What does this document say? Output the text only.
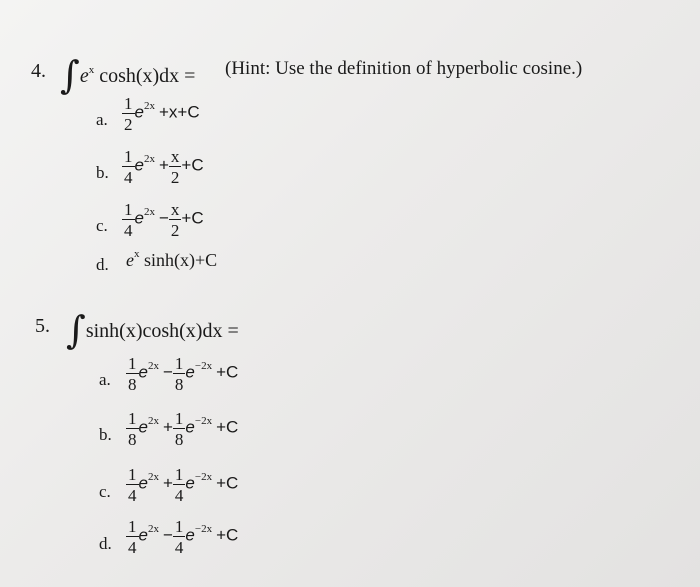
4. $\int e^x$ cosh(x)dx = (Hint: Use the definition of hyperbolic cosine.)
a. $\frac{1}{2} e^{2x} +x+C$
b. $\frac{1}{4} e^{2x} + \frac{x}{2} +C$
c. $\frac{1}{4} e^{2x} - \frac{x}{2} +C$
d. $e^x$ sinh(x)+C
5. ∫sinh(x)cosh(x)dx =
a. $\frac{1}{8} e^{2x} - \frac{1}{8} e^{-2x} +C$
b. $\frac{1}{8} e^{2x} + \frac{1}{8} e^{-2x} +C$
c. $\frac{1}{4} e^{2x} + \frac{1}{4} e^{-2x} +C$
d. $\frac{1}{4} e^{2x} - \frac{1}{4} e^{-2x} +C$
